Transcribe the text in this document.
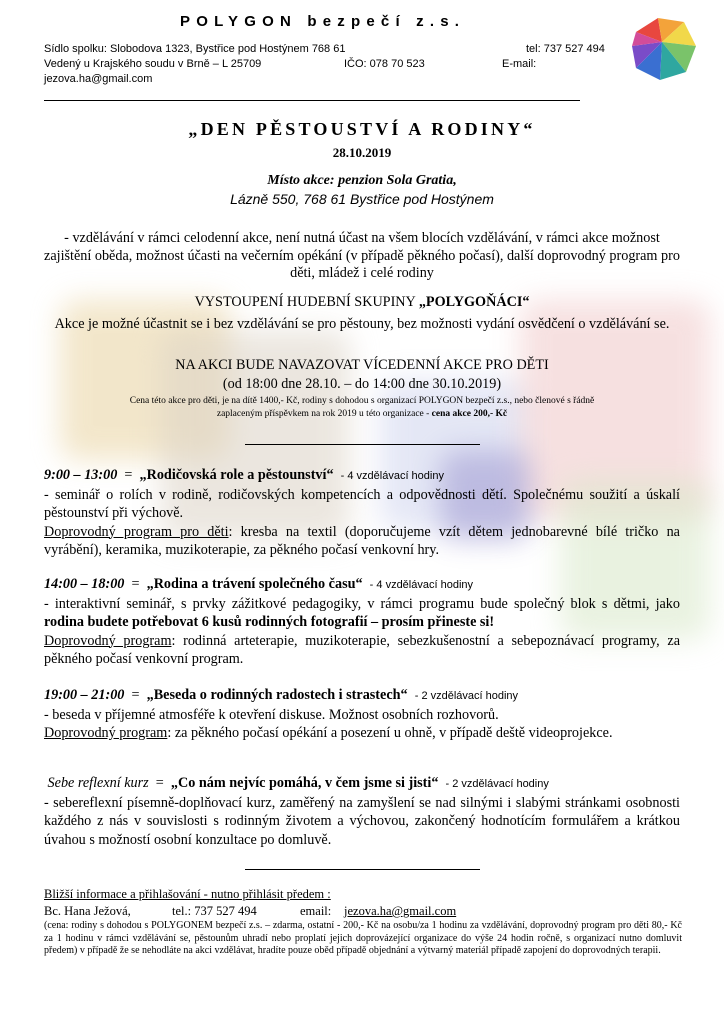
POLYGON bezpečí z.s.
Sídlo spolku: Slobodova 1323, Bystřice pod Hostýnem 768 61	tel: 737 527 494
Vedený u Krajského soudu v Brně – L 25709	IČO: 078 70 523	E-mail:
jezova.ha@gmail.com
„DEN PĚSTOUSTVÍ A RODINY“
28.10.2019
Místo akce: penzion Sola Gratia,
Lázně 550, 768 61 Bystřice pod Hostýnem
- vzdělávání v rámci celodenní akce, není nutná účast na všem blocích vzdělávání, v rámci akce možnost zajištění oběda, možnost účasti na večerním opékání (v případě pěkného počasí), další doprovodný program pro děti, mládež i celé rodiny
VYSTOUPENÍ HUDEBNÍ SKUPINY „POLYGOŇÁCI“
Akce je možné účastnit se i bez vzdělávání se pro pěstouny, bez možnosti vydání osvědčení o vzdělávání se.
NA AKCI BUDE NAVAZOVAT VÍCEDENNÍ AKCE PRO DĚTI
(od 18:00 dne 28.10. – do 14:00 dne 30.10.2019)
Cena této akce pro děti, je na dítě 1400,- Kč, rodiny s dohodou s organizací POLYGON bezpečí z.s., nebo členové s řádně zaplaceným příspěvkem na rok 2019 u této organizace - cena akce 200,- Kč
9:00 – 13:00 = „Rodičovská role a pěstounství“ - 4 vzdělávací hodiny
- seminář o rolích v rodině, rodičovských kompetencích a odpovědnosti dětí. Společnému soužití a úskalí pěstounství při výchově.
Doprovodný program pro děti: kresba na textil (doporučujeme vzít dětem jednobarevné bílé tričko na vyrábění), keramika, muzikoterapie, za pěkného počasí venkovní hry.
14:00 – 18:00 = „Rodina a trávení společného času“ - 4 vzdělávací hodiny
- interaktivní seminář, s prvky zážitkové pedagogiky, v rámci programu bude společný blok s dětmi, jako rodina budete potřebovat 6 kusů rodinných fotografií – prosím přineste si!
Doprovodný program: rodinná arteterapie, muzikoterapie, sebezkušenostní a sebepoznávací programy, za pěkného počasí venkovní program.
19:00 – 21:00 = „Beseda o rodinných radostech i strastech“ - 2 vzdělávací hodiny
- beseda v příjemné atmosféře k otevření diskuse. Možnost osobních rozhovorů.
Doprovodný program: za pěkného počasí opékání a posezení u ohně, v případě deště videoprojekce.
Sebe reflexní kurz = „Co nám nejvíc pomáhá, v čem jsme si jisti“ - 2 vzdělávací hodiny
- sebereflexní písemně-doplňovací kurz, zaměřený na zamyšlení se nad silnými i slabými stránkami osobnosti každého z nás v souvislosti s rodinným životem a výchovou, zakončený hodnotícím formulářem a krátkou úvahou s možností osobní konzultace po domluvě.
Bližší informace a přihlašování - nutno přihlásit předem :
Bc. Hana Ježová,	tel.: 737 527 494	email: jezova.ha@gmail.com
(cena: rodiny s dohodou s POLYGONEM bezpečí z.s. – zdarma, ostatní - 200,- Kč na osobu/za 1 hodinu za vzdělávání, doprovodný program pro děti 80,- Kč za 1 hodinu v rámci vzdělávání se, pěstounům uhradí nebo proplatí jejich doprovázející organizace do výše 24 hodin ročně, s organizací nutno domluvit předem) v případě že se nehodláte na akci vzdělávat, hradíte pouze oběd případě objednání a výtvarný materiál případě zapojení do doprovodných terapii.
